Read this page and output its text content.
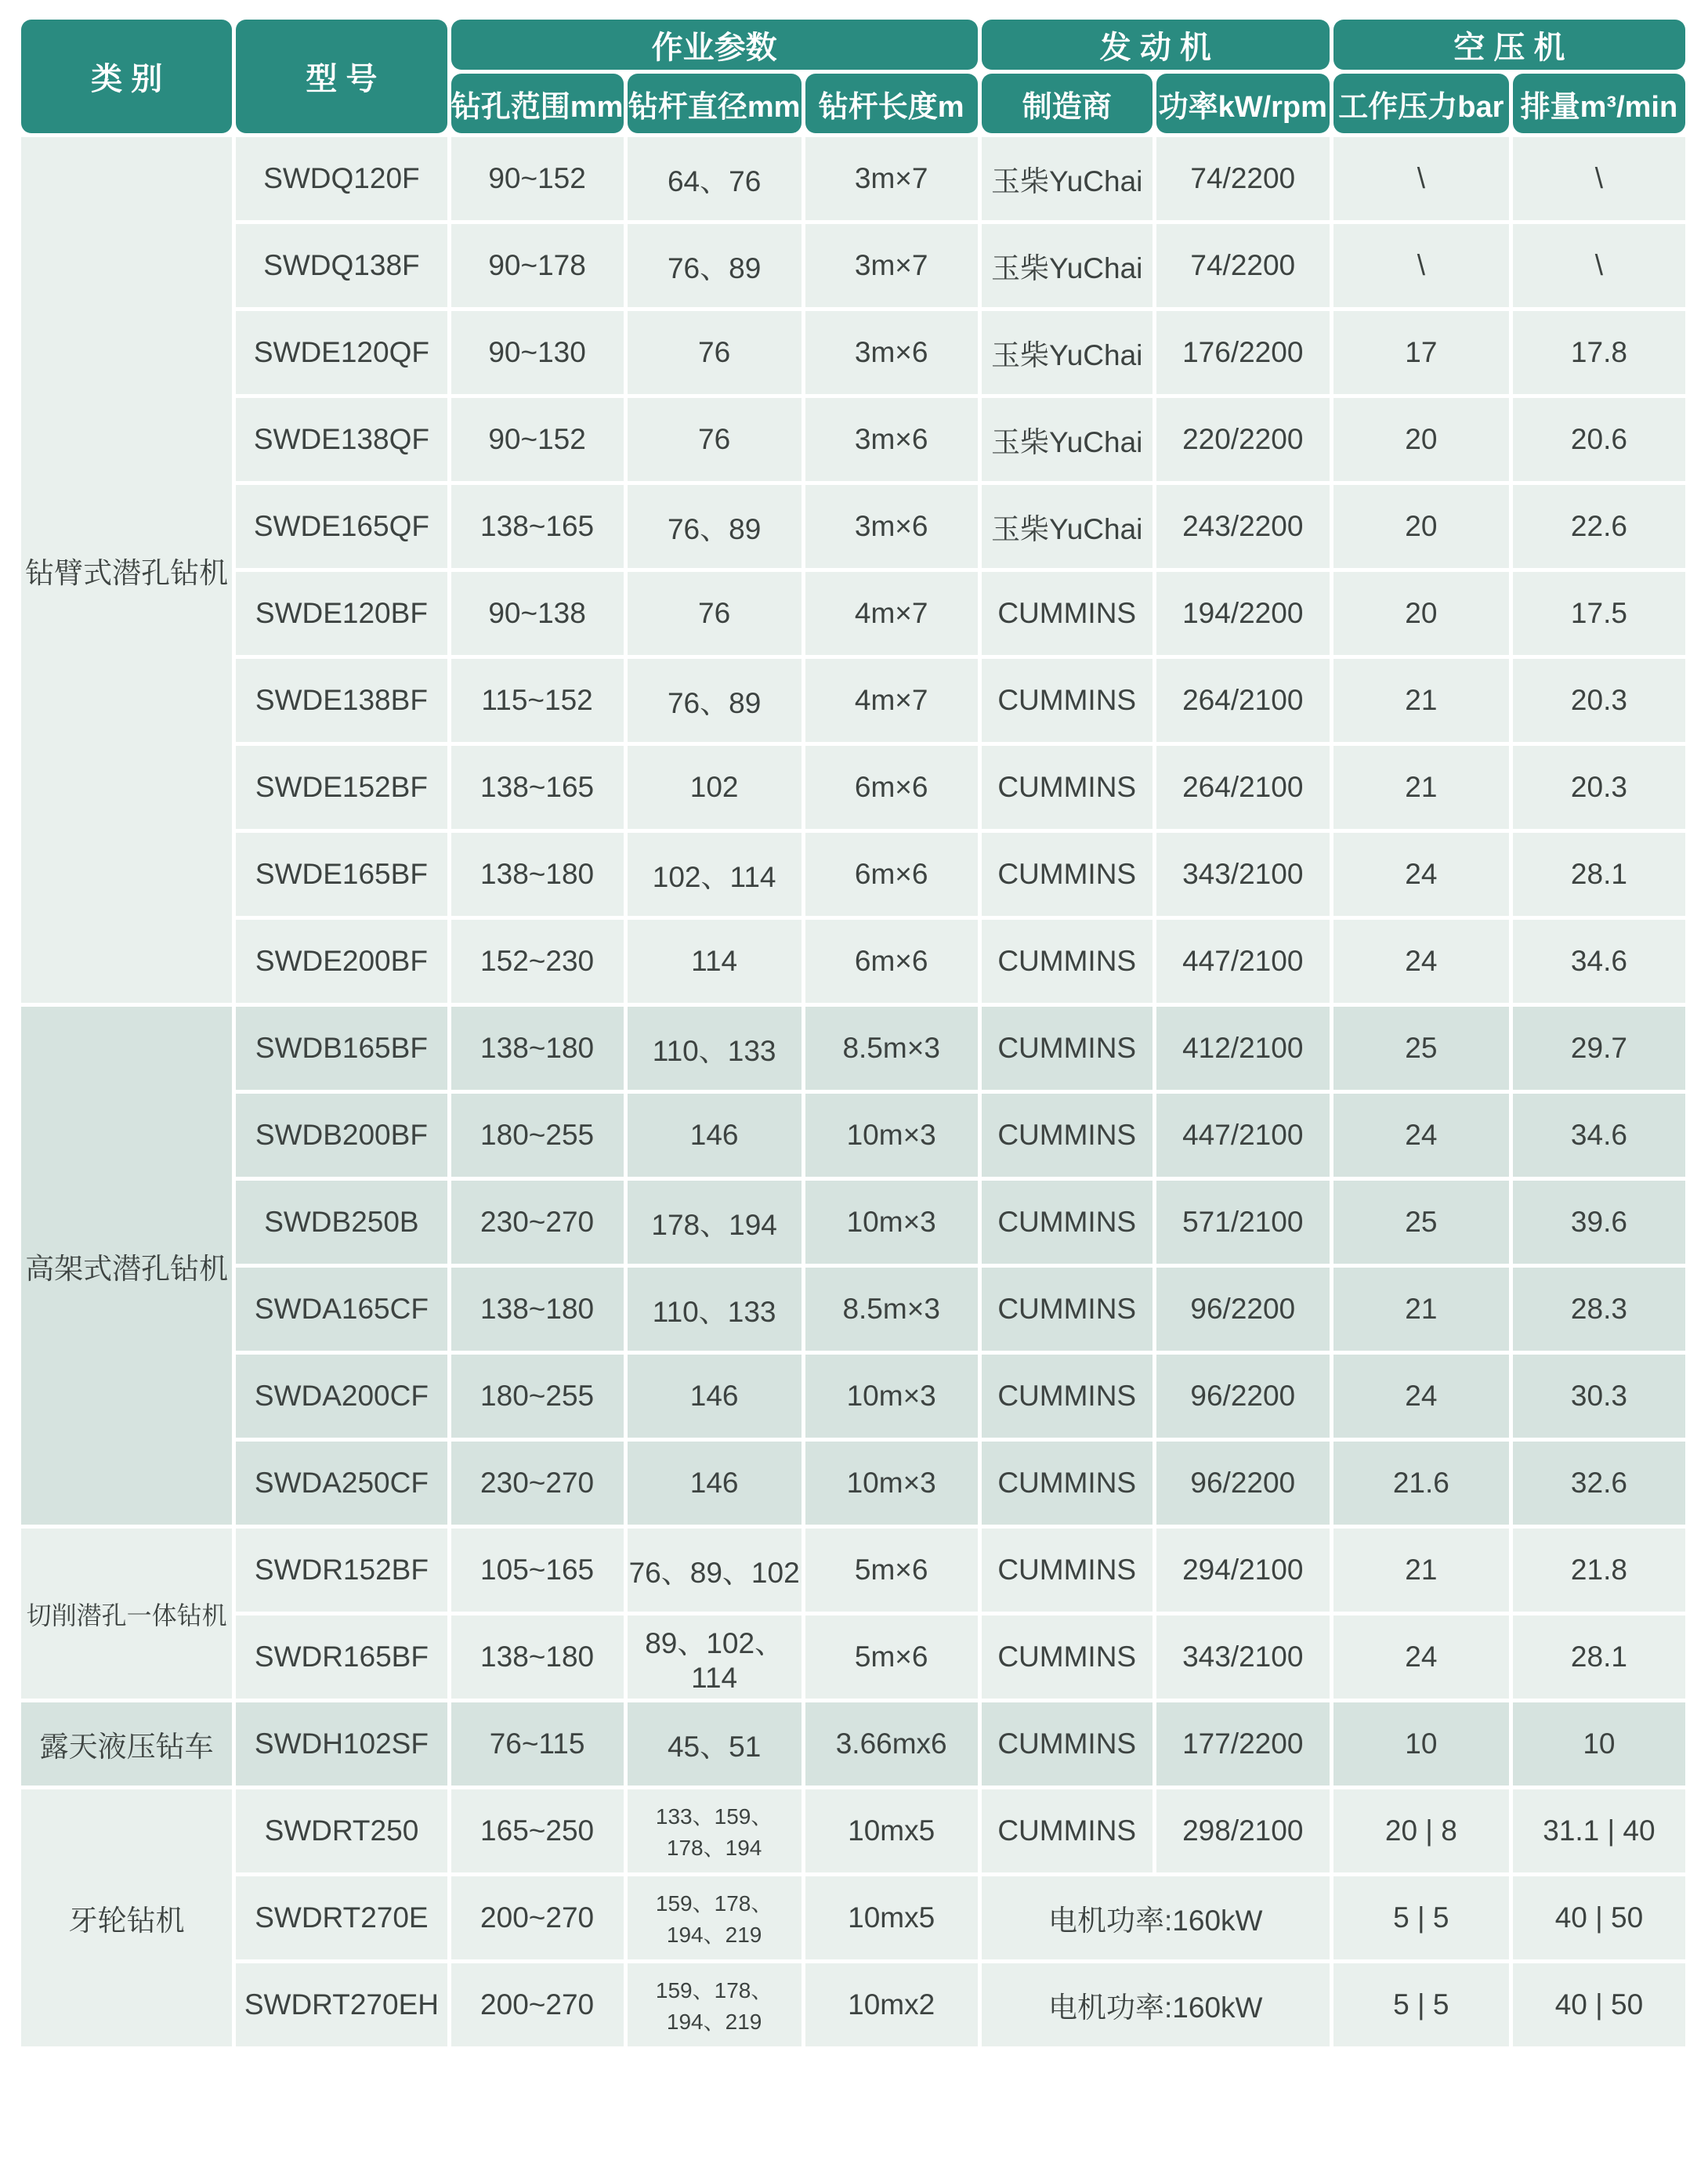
类 别	型 号	作业参数			发 动 机		空 压 机	
		钻孔范围mm	钻杆直径mm	钻杆长度m	制造商	功率kW/rpm	工作压力bar	排量m³/min
钻臂式潜孔钻机	SWDQ120F	90~152	64、76	3m×7	玉柴YuChai	74/2200	\	\
	SWDQ138F	90~178	76、89	3m×7	玉柴YuChai	74/2200	\	\
	SWDE120QF	90~130	76	3m×6	玉柴YuChai	176/2200	17	17.8
	SWDE138QF	90~152	76	3m×6	玉柴YuChai	220/2200	20	20.6
	SWDE165QF	138~165	76、89	3m×6	玉柴YuChai	243/2200	20	22.6
	SWDE120BF	90~138	76	4m×7	CUMMINS	194/2200	20	17.5
	SWDE138BF	115~152	76、89	4m×7	CUMMINS	264/2100	21	20.3
	SWDE152BF	138~165	102	6m×6	CUMMINS	264/2100	21	20.3
	SWDE165BF	138~180	102、114	6m×6	CUMMINS	343/2100	24	28.1
	SWDE200BF	152~230	114	6m×6	CUMMINS	447/2100	24	34.6
高架式潜孔钻机	SWDB165BF	138~180	110、133	8.5m×3	CUMMINS	412/2100	25	29.7
	SWDB200BF	180~255	146	10m×3	CUMMINS	447/2100	24	34.6
	SWDB250B	230~270	178、194	10m×3	CUMMINS	571/2100	25	39.6
	SWDA165CF	138~180	110、133	8.5m×3	CUMMINS	96/2200	21	28.3
	SWDA200CF	180~255	146	10m×3	CUMMINS	96/2200	24	30.3
	SWDA250CF	230~270	146	10m×3	CUMMINS	96/2200	21.6	32.6
切削潜孔一体钻机	SWDR152BF	105~165	76、89、102	5m×6	CUMMINS	294/2100	21	21.8
	SWDR165BF	138~180	89、102、114	5m×6	CUMMINS	343/2100	24	28.1
露天液压钻车	SWDH102SF	76~115	45、51	3.66mx6	CUMMINS	177/2200	10	10
牙轮钻机	SWDRT250	165~250	133、159、178、194	10mx5	CUMMINS	298/2100	20 | 8	31.1 | 40
	SWDRT270E	200~270	159、178、194、219	10mx5	电机功率:160kW		5 | 5	40 | 50
	SWDRT270EH	200~270	159、178、194、219	10mx2	电机功率:160kW		5 | 5	40 | 50
